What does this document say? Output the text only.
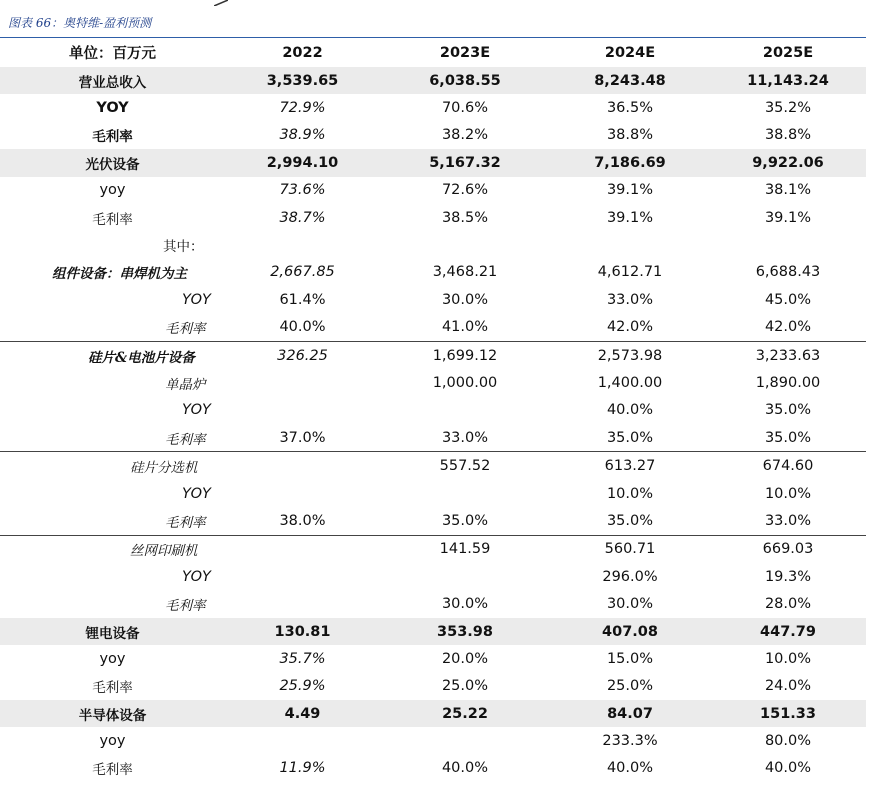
图表 66：奥特维-盈利预测
单位：百万元	2022	2023E	2024E	2025E
营业总收入	3,539.65	6,038.55	8,243.48	11,143.24
YOY	72.9%	70.6%	36.5%	35.2%
毛利率	38.9%	38.2%	38.8%	38.8%
光伏设备	2,994.10	5,167.32	7,186.69	9,922.06
yoy	73.6%	72.6%	39.1%	38.1%
毛利率	38.7%	38.5%	39.1%	39.1%
其中：				
组件设备：串焊机为主	2,667.85	3,468.21	4,612.71	6,688.43
YOY	61.4%	30.0%	33.0%	45.0%
毛利率	40.0%	41.0%	42.0%	42.0%
硅片&电池片设备	326.25	1,699.12	2,573.98	3,233.63
单晶炉		1,000.00	1,400.00	1,890.00
YOY			40.0%	35.0%
毛利率	37.0%	33.0%	35.0%	35.0%
硅片分选机		557.52	613.27	674.60
YOY			10.0%	10.0%
毛利率	38.0%	35.0%	35.0%	33.0%
丝网印刷机		141.59	560.71	669.03
YOY			296.0%	19.3%
毛利率		30.0%	30.0%	28.0%
锂电设备	130.81	353.98	407.08	447.79
yoy	35.7%	20.0%	15.0%	10.0%
毛利率	25.9%	25.0%	25.0%	24.0%
半导体设备	4.49	25.22	84.07	151.33
yoy			233.3%	80.0%
毛利率	11.9%	40.0%	40.0%	40.0%
